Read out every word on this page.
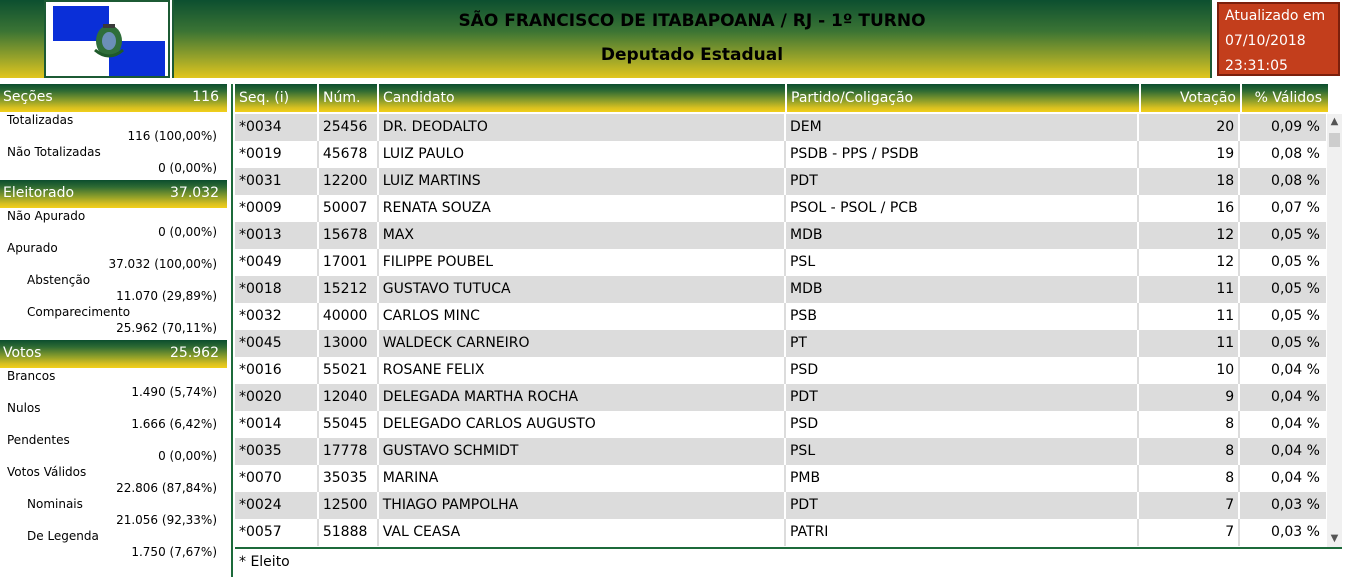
SÃO FRANCISCO DE ITABAPOANA / RJ - 1º TURNO
Deputado Estadual
Atualizado em
07/10/2018
23:31:05
Seções	116
Totalizadas
116 (100,00%)
Não Totalizadas
0 (0,00%)
Eleitorado	37.032
Não Apurado
0 (0,00%)
Apurado
37.032 (100,00%)
Abstenção
11.070 (29,89%)
Comparecimento
25.962 (70,11%)
Votos	25.962
Brancos
1.490 (5,74%)
Nulos
1.666 (6,42%)
Pendentes
0 (0,00%)
Votos Válidos
22.806 (87,84%)
Nominais
21.056 (92,33%)
De Legenda
1.750 (7,67%)
Seq. (i)	Núm.	Candidato	Partido/Coligação	Votação	% Válidos
*0034	25456	DR. DEODALTO	DEM	20	0,09 %
*0019	45678	LUIZ PAULO	PSDB - PPS / PSDB	19	0,08 %
*0031	12200	LUIZ MARTINS	PDT	18	0,08 %
*0009	50007	RENATA SOUZA	PSOL - PSOL / PCB	16	0,07 %
*0013	15678	MAX	MDB	12	0,05 %
*0049	17001	FILIPPE POUBEL	PSL	12	0,05 %
*0018	15212	GUSTAVO TUTUCA	MDB	11	0,05 %
*0032	40000	CARLOS MINC	PSB	11	0,05 %
*0045	13000	WALDECK CARNEIRO	PT	11	0,05 %
*0016	55021	ROSANE FELIX	PSD	10	0,04 %
*0020	12040	DELEGADA MARTHA ROCHA	PDT	9	0,04 %
*0014	55045	DELEGADO CARLOS AUGUSTO	PSD	8	0,04 %
*0035	17778	GUSTAVO SCHMIDT	PSL	8	0,04 %
*0070	35035	MARINA	PMB	8	0,04 %
*0024	12500	THIAGO PAMPOLHA	PDT	7	0,03 %
*0057	51888	VAL CEASA	PATRI	7	0,03 %
▲
▼
* Eleito
